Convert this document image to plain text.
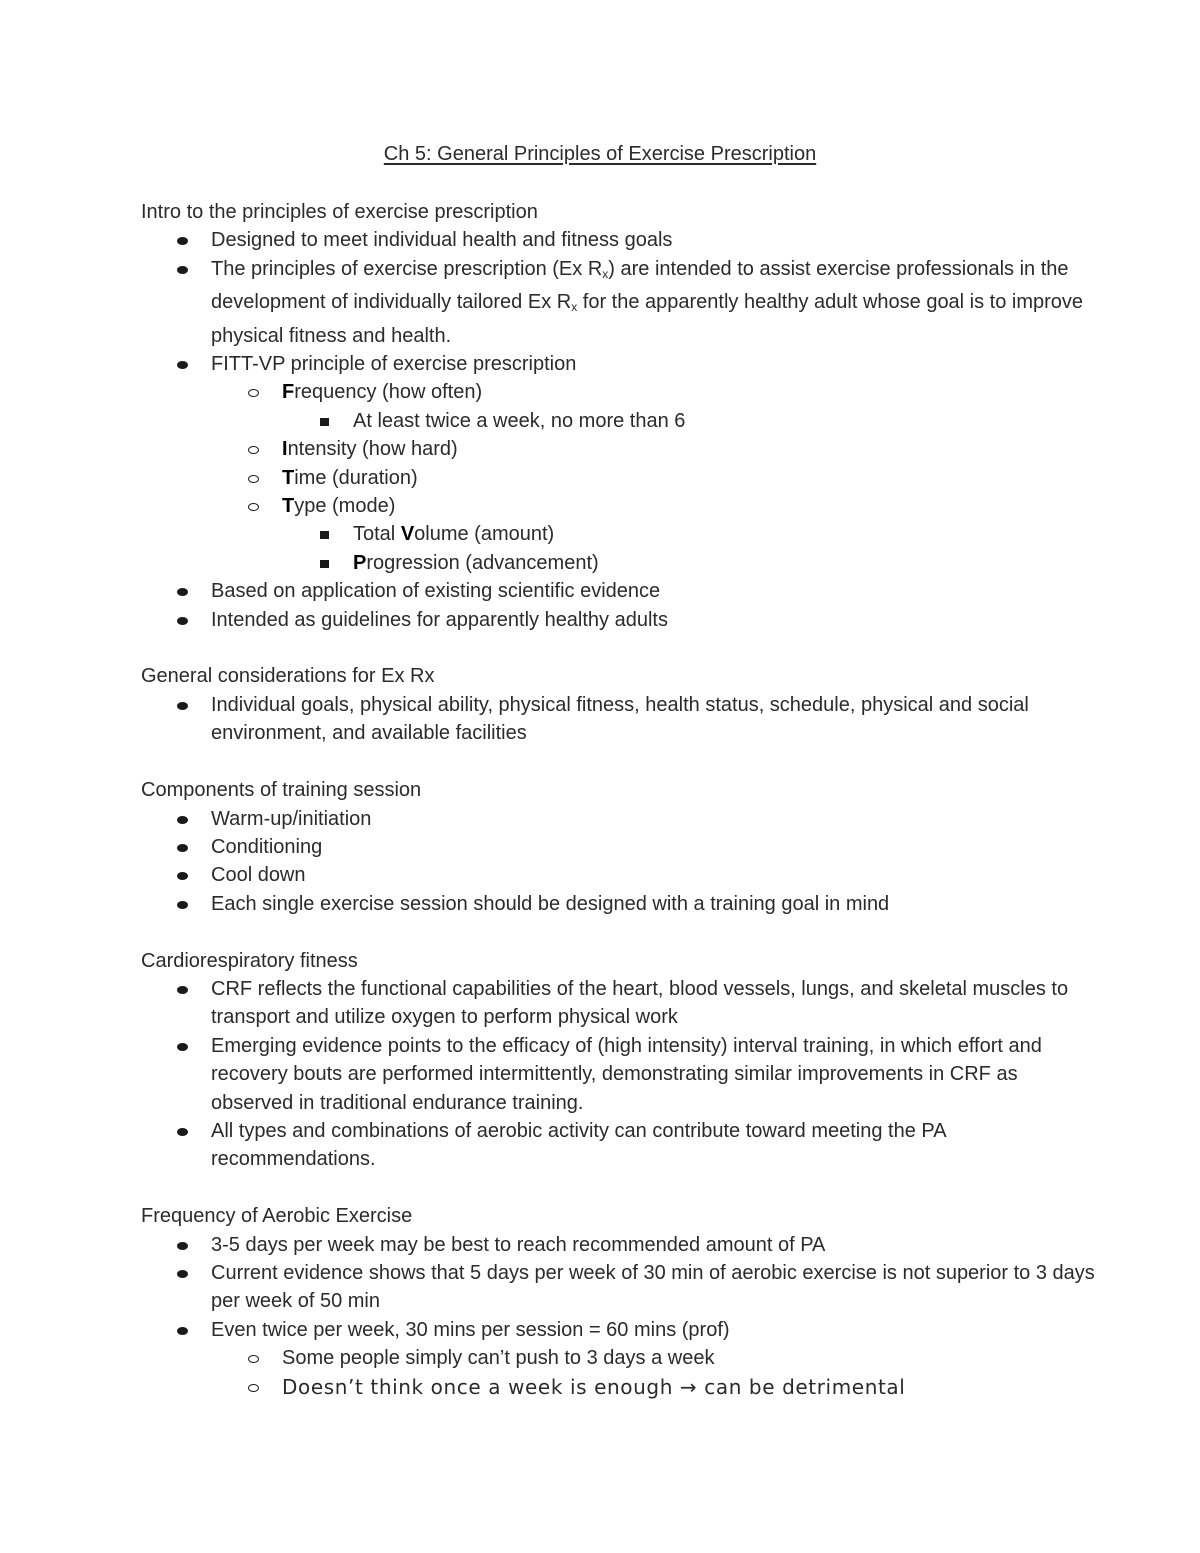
Ch 5: General Principles of Exercise Prescription

Intro to the principles of exercise prescription

Designed to meet individual health and fitness goals
The principles of exercise prescription (Ex $R_x$) are intended to assist exercise professionals in the development of individually tailored Ex $R_x$ for the apparently healthy adult whose goal is to improve physical fitness and health.
FITT-VP principle of exercise prescription
Frequency (how often)
At least twice a week, no more than 6
Intensity (how hard)
Time (duration)
Type (mode)
Total Volume (amount)
Progression (advancement)
Based on application of existing scientific evidence
Intended as guidelines for apparently healthy adults

General considerations for Ex Rx

Individual goals, physical ability, physical fitness, health status, schedule, physical and social environment, and available facilities

Components of training session

Warm-up/initiation
Conditioning
Cool down
Each single exercise session should be designed with a training goal in mind

Cardiorespiratory fitness

CRF reflects the functional capabilities of the heart, blood vessels, lungs, and skeletal muscles to transport and utilize oxygen to perform physical work
Emerging evidence points to the efficacy of (high intensity) interval training, in which effort and recovery bouts are performed intermittently, demonstrating similar improvements in CRF as observed in traditional endurance training.
All types and combinations of aerobic activity can contribute toward meeting the PA recommendations.

Frequency of Aerobic Exercise

3-5 days per week may be best to reach recommended amount of PA
Current evidence shows that 5 days per week of 30 min of aerobic exercise is not superior to 3 days per week of 50 min
Even twice per week, 30 mins per session = 60 mins (prof)
Some people simply can’t push to 3 days a week
Doesn’t think once a week is enough → can be detrimental
